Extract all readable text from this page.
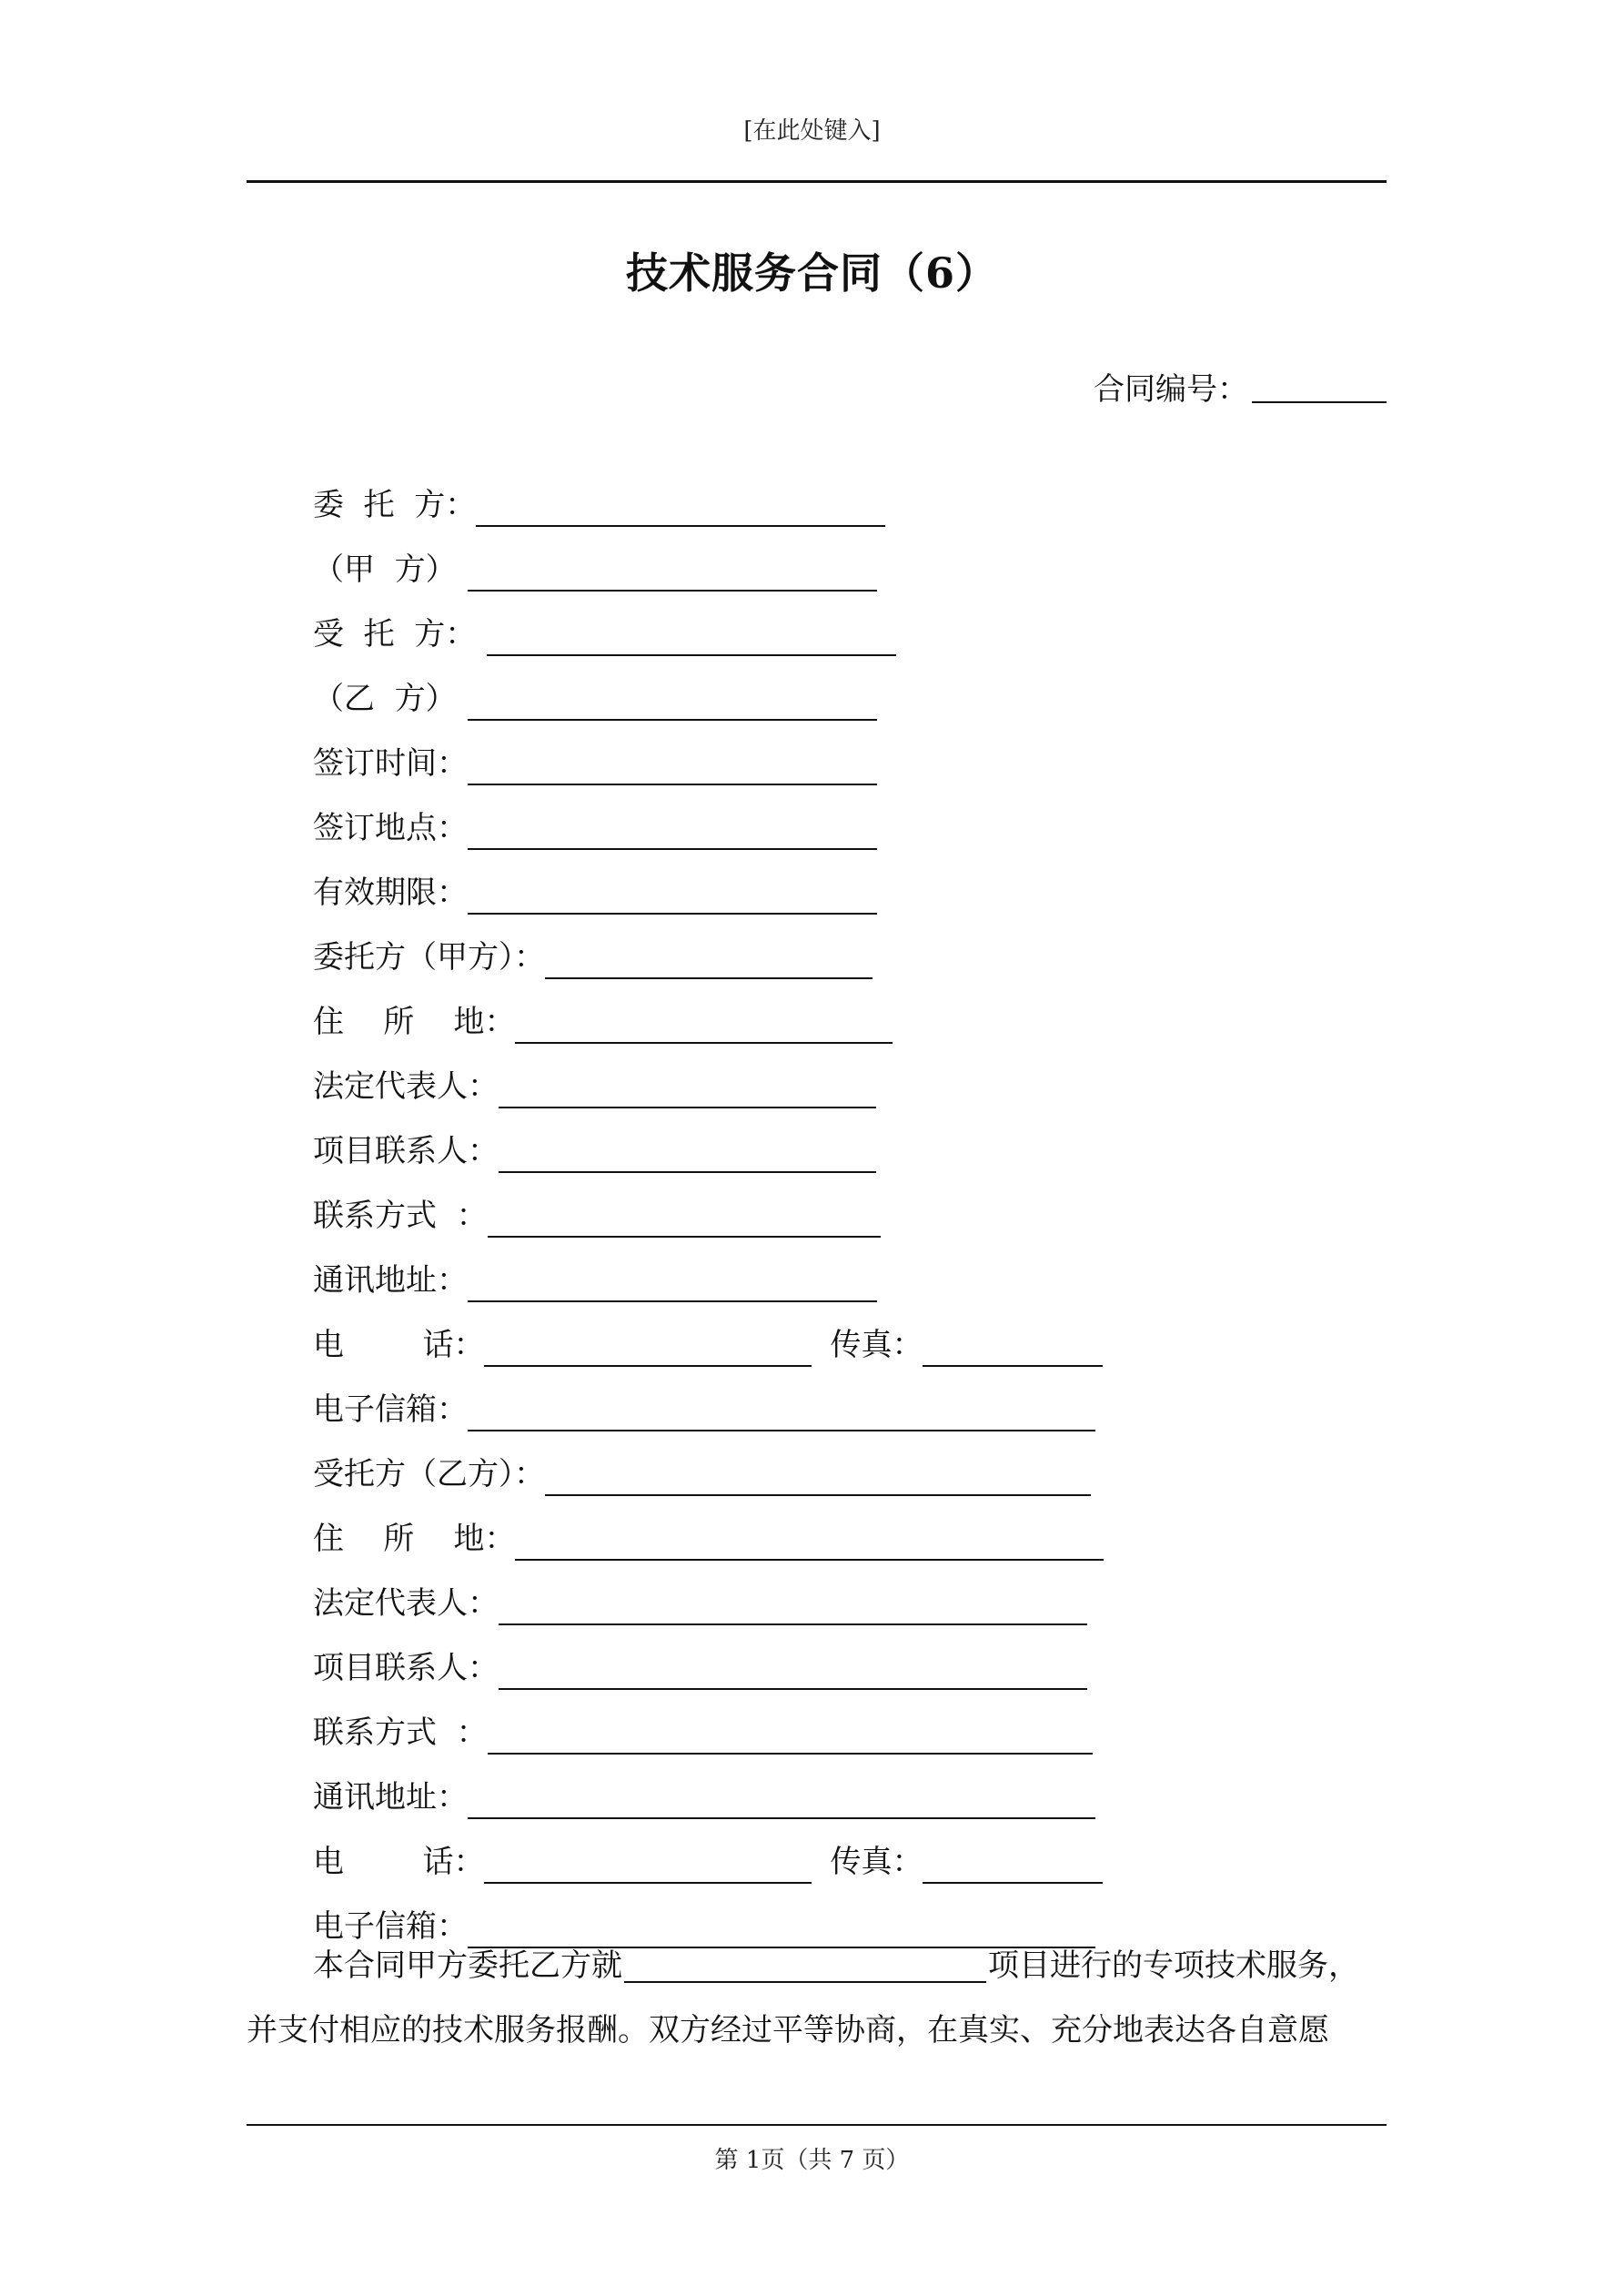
[在此处键入]
技术服务合同（6）
合同编号：
委  托  方：
（甲  方）
受  托  方：
（乙  方）
签订时间：
签订地点：
有效期限：
委托方（甲方）：
住    所    地：
法定代表人：
项目联系人：
联系方式  ：
通讯地址：
电        话：	传真：
电子信箱：
受托方（乙方）：
住    所    地：
法定代表人：
项目联系人：
联系方式  ：
通讯地址：
电        话：	传真：
电子信箱：
本合同甲方委托乙方就	项目进行的专项技术服务，
并支付相应的技术服务报酬。双方经过平等协商，在真实、充分地表达各自意愿
第 1页（共 7 页）
